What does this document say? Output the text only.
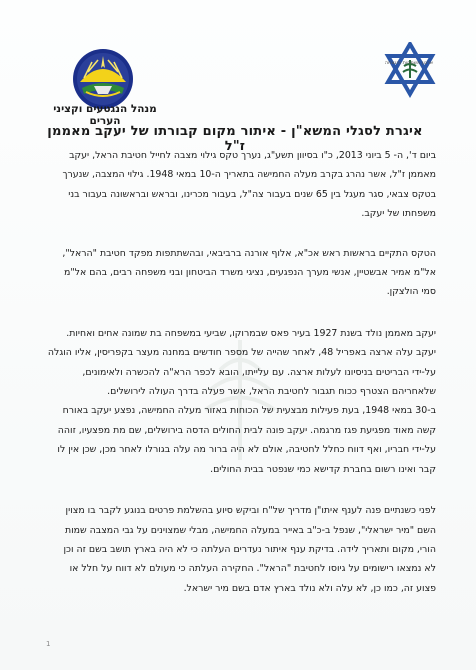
מנהל הנגטעים וקציני הערים
ארגון משפחות והנצחה
איגרת לסגלי המשא"ן - איתור מקום קבורתו של יעקב מאממן ז"ל

ביום ד', ה- 5 ביוני 2013, כ"ו בסיוון תשע"ג, נערך טקס גילוי מצבה לחייל חטיבת הראל, יעקב
מאממן ז"ל, אשר נהרג בקרב מעלה החמישה בתאריך ה-10 במאי 1948. גילוי המצבה, שנערך
בטקס צבאי, סגר מעגל בין 65 שנים בעבור צה"ל, בעבור מכרינו, ובראש ובראשונה בעבור בני
משפחתו של יעקב.

הטקס התקיים בראשות ראש אכ"א, אלוף אורנה ברביבאי, ובהשתתפות מפקד חטיבת "הראל",
אל"מ אמיר אבשטיין, אנשי מערך הנפגעים, נציגי משרד הביטחון ובני משפחה רבים, בהם אל"מ
סמי הולצקן.

יעקב מאממן נולד בשנת 1927 בעיר פאס שבמרוקו, שביעי במשפחה בת שמונה אחים ואחיות.
יעקב עלה ארצה באפריל 48, לאחר שהייה של מספר חודשים במחנה מעצר בקפריסין, אליו הוגלה
על-ידי הבריטים בניסיונו לעלות ארצה. עם עלייתו, הובא לכפר הרא"ה להכשרה ולאימונים,
שלאחריהם הצטרף ככוח תגבור לחטיבת הראל, אשר פעלה בדרך העולה לירושלים.
ב-30 במאי 1948, בעת פעילות מבצעית של הכוחות באזור מעלה החמישה, נפצע יעקב באורח
קשה מאוד מפגיעת פגז מרגמה. יעקב פונה לבית החולים הדסה בירושלים, שם מת מפצעיו, זוהה
על-ידי חבריו, ואף דווח כחלל לחטיבה, אולם לא היה ברור מה עלה בגורלו לאחר מכן, שכן אין לו
קבר ואינו רשום בחברת קדישא כמי שנפטר בבית החולים.

לפני כשנתיים פנה לענף איתו"ן מדריך של"ח וביקש סיוע בהשלמת פרטים בנוגע לקבר בו מצוין
השם "מיר ישראלי", שנפל ב-כ"ב באייר במעלה החמישה, מבלי שמצוינים על גבי המצבה שמות
הורי, מקום ותאריך לידה. בדיקת ענף איתור נעדרים העלתה כי לא היה בארץ תושב בשם זה וכן
לא נמצאו רישומים על גיוסו לחטיבת "הראל". החקירה העלתה כי מעולם לא דווח על חלל או
פצוע זה, כמו כן, לא עלה ולא נולד בארץ אדם בשם מיר ישראל.

1
